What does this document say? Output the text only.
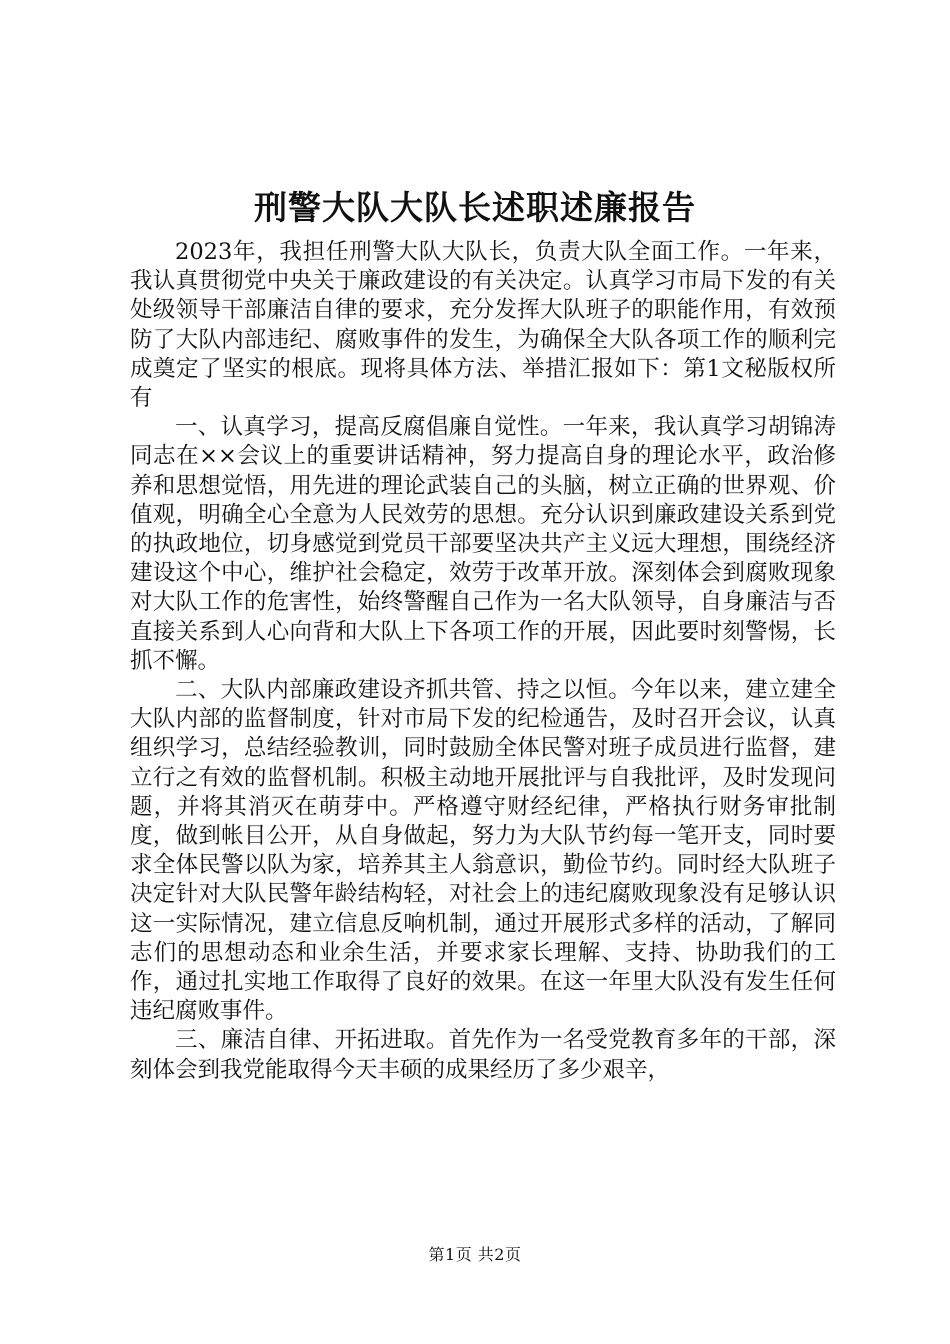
刑警大队大队长述职述廉报告

2023年，我担任刑警大队大队长，负责大队全面工作。一年来，我认真贯彻党中央关于廉政建设的有关决定。认真学习市局下发的有关处级领导干部廉洁自律的要求，充分发挥大队班子的职能作用，有效预防了大队内部违纪、腐败事件的发生，为确保全大队各项工作的顺利完成奠定了坚实的根底。现将具体方法、举措汇报如下：第1文秘版权所有

一、认真学习，提高反腐倡廉自觉性。一年来，我认真学习胡锦涛同志在××会议上的重要讲话精神，努力提高自身的理论水平，政治修养和思想觉悟，用先进的理论武装自己的头脑，树立正确的世界观、价值观，明确全心全意为人民效劳的思想。充分认识到廉政建设关系到党的执政地位，切身感觉到党员干部要坚决共产主义远大理想，围绕经济建设这个中心，维护社会稳定，效劳于改革开放。深刻体会到腐败现象对大队工作的危害性，始终警醒自己作为一名大队领导，自身廉洁与否直接关系到人心向背和大队上下各项工作的开展，因此要时刻警惕，长抓不懈。

二、大队内部廉政建设齐抓共管、持之以恒。今年以来，建立建全大队内部的监督制度，针对市局下发的纪检通告，及时召开会议，认真组织学习，总结经验教训，同时鼓励全体民警对班子成员进行监督，建立行之有效的监督机制。积极主动地开展批评与自我批评，及时发现问题，并将其消灭在萌芽中。严格遵守财经纪律，严格执行财务审批制度，做到帐目公开，从自身做起，努力为大队节约每一笔开支，同时要求全体民警以队为家，培养其主人翁意识，勤俭节约。同时经大队班子决定针对大队民警年龄结构轻，对社会上的违纪腐败现象没有足够认识这一实际情况，建立信息反响机制，通过开展形式多样的活动，了解同志们的思想动态和业余生活，并要求家长理解、支持、协助我们的工作，通过扎实地工作取得了良好的效果。在这一年里大队没有发生任何违纪腐败事件。

三、廉洁自律、开拓进取。首先作为一名受党教育多年的干部，深刻体会到我党能取得今天丰硕的成果经历了多少艰辛，

第1页 共2页
